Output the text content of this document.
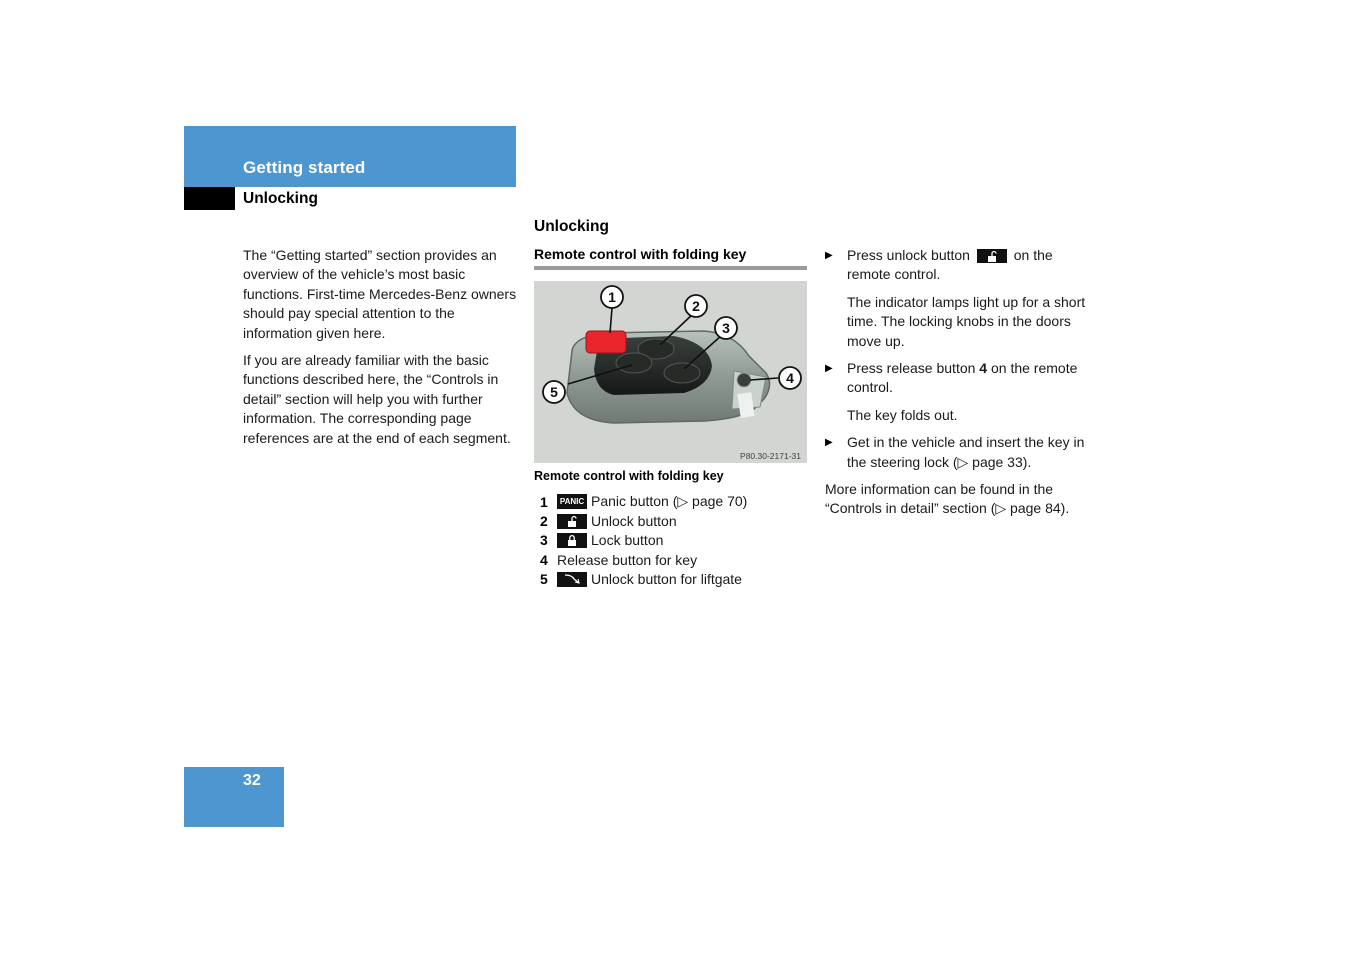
Getting started
Unlocking

The “Getting started” section provides an overview of the vehicle’s most basic functions. First-time Mercedes-Benz owners should pay special attention to the information given here.

If you are already familiar with the basic functions described here, the “Controls in detail” section will help you with further information. The corresponding page references are at the end of each segment.

Unlocking
Remote control with folding key
1
2
3
4
5
P80.30-2171-31
Remote control with folding key
1	PANIC Panic button (▷ page 70)
2	Unlock button
3	Lock button
4 Release button for key
5	Unlock button for liftgate

▶ Press unlock button	on the remote control.

The indicator lamps light up for a short time. The locking knobs in the doors move up.

▶ Press release button 4 on the remote control.

The key folds out.

▶ Get in the vehicle and insert the key in the steering lock (▷ page 33).

More information can be found in the “Controls in detail” section (▷ page 84).

32
